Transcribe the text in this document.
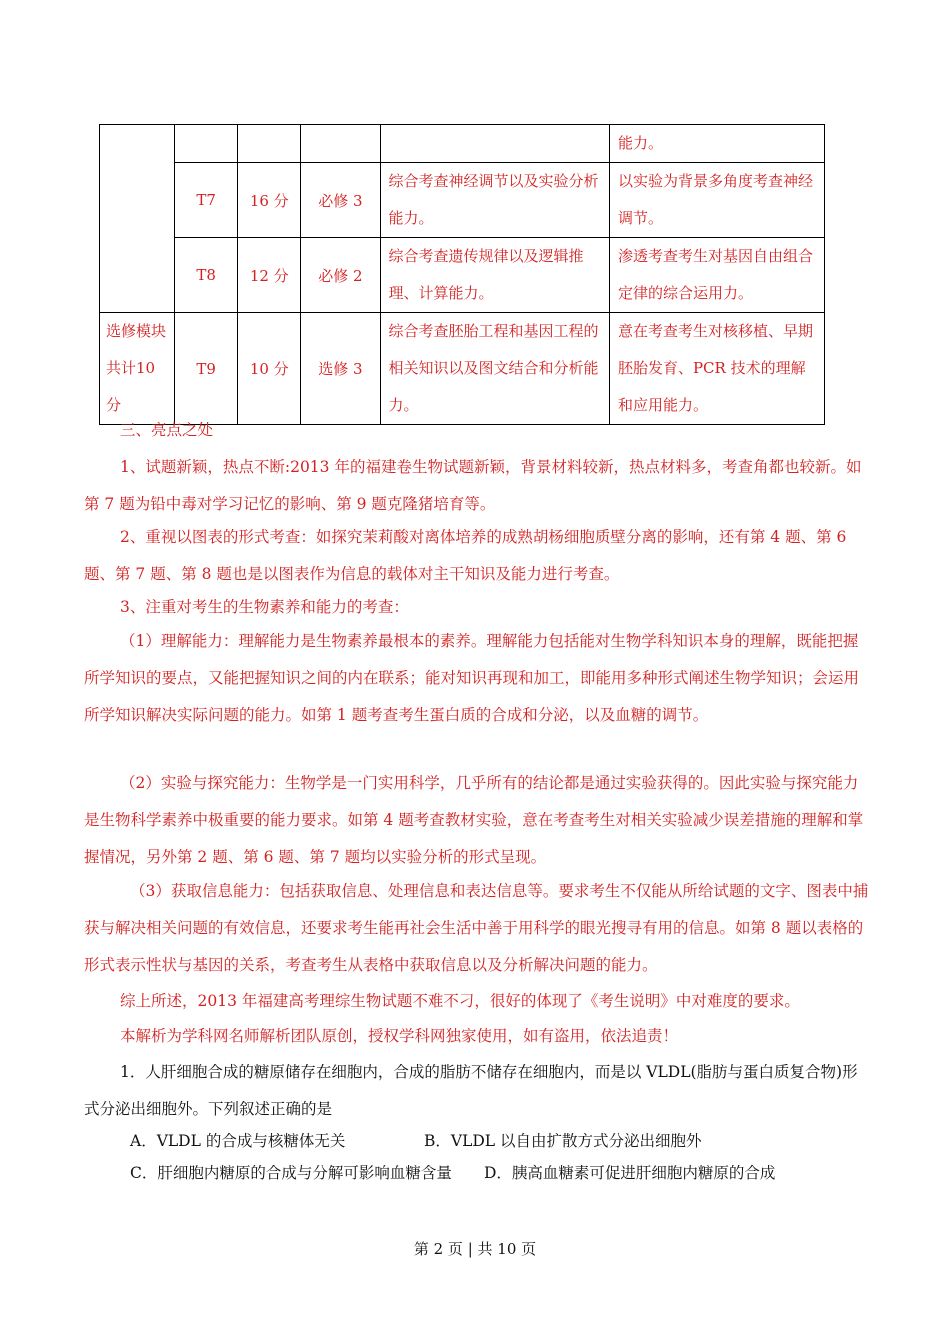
					能力。
	T7	16 分	必修 3	综合考查神经调节以及实验分析能力。	以实验为背景多角度考查神经调节。
	T8	12 分	必修 2	综合考查遗传规律以及逻辑推理、计算能力。	渗透考查考生对基因自由组合定律的综合运用力。
选修模块共计10分	T9	10 分	选修 3	综合考查胚胎工程和基因工程的相关知识以及图文结合和分析能力。	意在考查考生对核移植、早期胚胎发育、PCR 技术的理解和应用能力。
三、亮点之处
1、试题新颖，热点不断:2013 年的福建卷生物试题新颖，背景材料较新，热点材料多，考查角都也较新。如第 7 题为铅中毒对学习记忆的影响、第 9 题克隆猪培育等。
2、重视以图表的形式考查：如探究茉莉酸对离体培养的成熟胡杨细胞质壁分离的影响，还有第 4 题、第 6 题、第 7 题、第 8 题也是以图表作为信息的载体对主干知识及能力进行考查。
3、注重对考生的生物素养和能力的考查：
（1）理解能力：理解能力是生物素养最根本的素养。理解能力包括能对生物学科知识本身的理解，既能把握所学知识的要点，又能把握知识之间的内在联系；能对知识再现和加工，即能用多种形式阐述生物学知识；会运用所学知识解决实际问题的能力。如第 1 题考查考生蛋白质的合成和分泌，以及血糖的调节。
（2）实验与探究能力：生物学是一门实用科学，几乎所有的结论都是通过实验获得的。因此实验与探究能力是生物科学素养中极重要的能力要求。如第 4 题考查教材实验，意在考查考生对相关实验减少误差措施的理解和掌握情况，另外第 2 题、第 6 题、第 7 题均以实验分析的形式呈现。
（3）获取信息能力：包括获取信息、处理信息和表达信息等。要求考生不仅能从所给试题的文字、图表中捕获与解决相关问题的有效信息，还要求考生能再社会生活中善于用科学的眼光搜寻有用的信息。如第 8 题以表格的形式表示性状与基因的关系，考查考生从表格中获取信息以及分析解决问题的能力。
综上所述，2013 年福建高考理综生物试题不难不刁，很好的体现了《考生说明》中对难度的要求。
本解析为学科网名师解析团队原创，授权学科网独家使用，如有盗用，依法追责！
1．人肝细胞合成的糖原储存在细胞内，合成的脂肪不储存在细胞内，而是以 VLDL(脂肪与蛋白质复合物)形式分泌出细胞外。下列叙述正确的是
A．VLDL 的合成与核糖体无关	B．VLDL 以自由扩散方式分泌出细胞外
C．肝细胞内糖原的合成与分解可影响血糖含量 D．胰高血糖素可促进肝细胞内糖原的合成
第 2 页 | 共 10 页
